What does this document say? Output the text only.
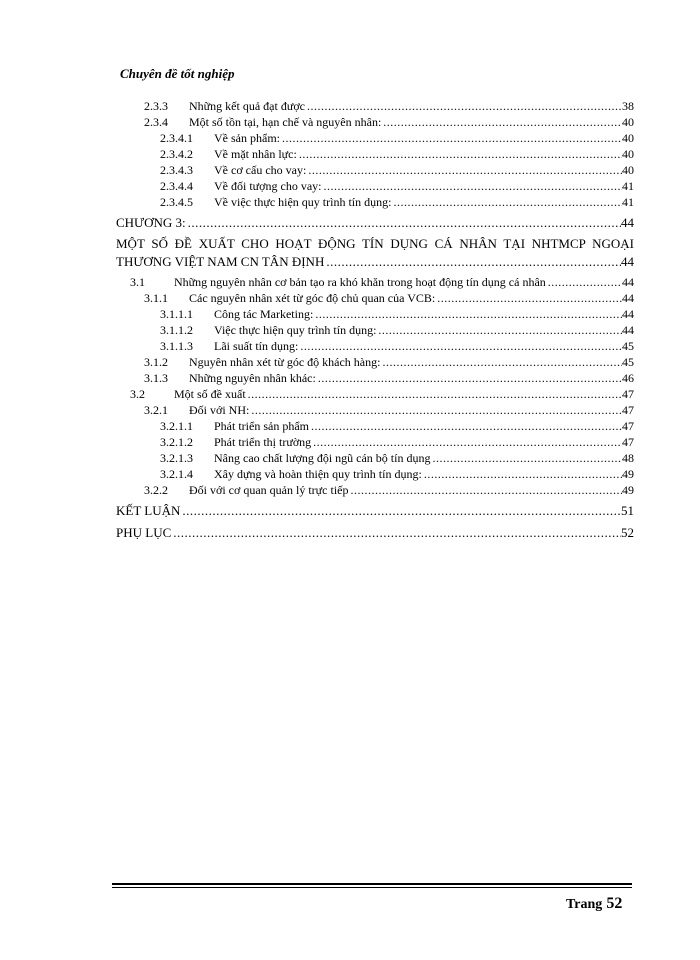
Chuyên đề tốt nghiệp
2.3.3 Những kết quả đạt được .....	38
2.3.4 Một số tồn tại, hạn chế và nguyên nhân: .....	40
2.3.4.1 Về sản phẩm: .....	40
2.3.4.2 Về mặt nhân lực: .....	40
2.3.4.3 Về cơ cấu cho vay: .....	40
2.3.4.4 Về đối tượng cho vay: .....	41
2.3.4.5 Về việc thực hiện quy trình tín dụng: .....	41
CHƯƠNG 3: .....	44
MỘT SỐ ĐỀ XUẤT CHO HOẠT ĐỘNG TÍN DỤNG CÁ NHÂN TẠI NHTMCP NGOẠI
THƯƠNG VIỆT NAM CN TÂN ĐỊNH .....	44
3.1 Những nguyên nhân cơ bản tạo ra khó khăn trong hoạt động tín dụng cá nhân .....	44
3.1.1 Các nguyên nhân xét từ góc độ chủ quan của VCB: .....	44
3.1.1.1 Công tác Marketing: .....	44
3.1.1.2 Việc thực hiện quy trình tín dụng: .....	44
3.1.1.3 Lãi suất tín dụng: .....	45
3.1.2 Nguyên nhân xét từ góc độ khách hàng: .....	45
3.1.3 Những nguyên nhân khác: .....	46
3.2 Một số đề xuất .....	47
3.2.1 Đối với NH: .....	47
3.2.1.1 Phát triển sản phẩm .....	47
3.2.1.2 Phát triển thị trường .....	47
3.2.1.3 Nâng cao chất lượng đội ngũ cán bộ tín dụng .....	48
3.2.1.4 Xây dựng và hoàn thiện quy trình tín dụng: .....	49
3.2.2 Đối với cơ quan quản lý trực tiếp .....	49
KẾT LUẬN .....	51
PHỤ LỤC .....	52
Trang 52
